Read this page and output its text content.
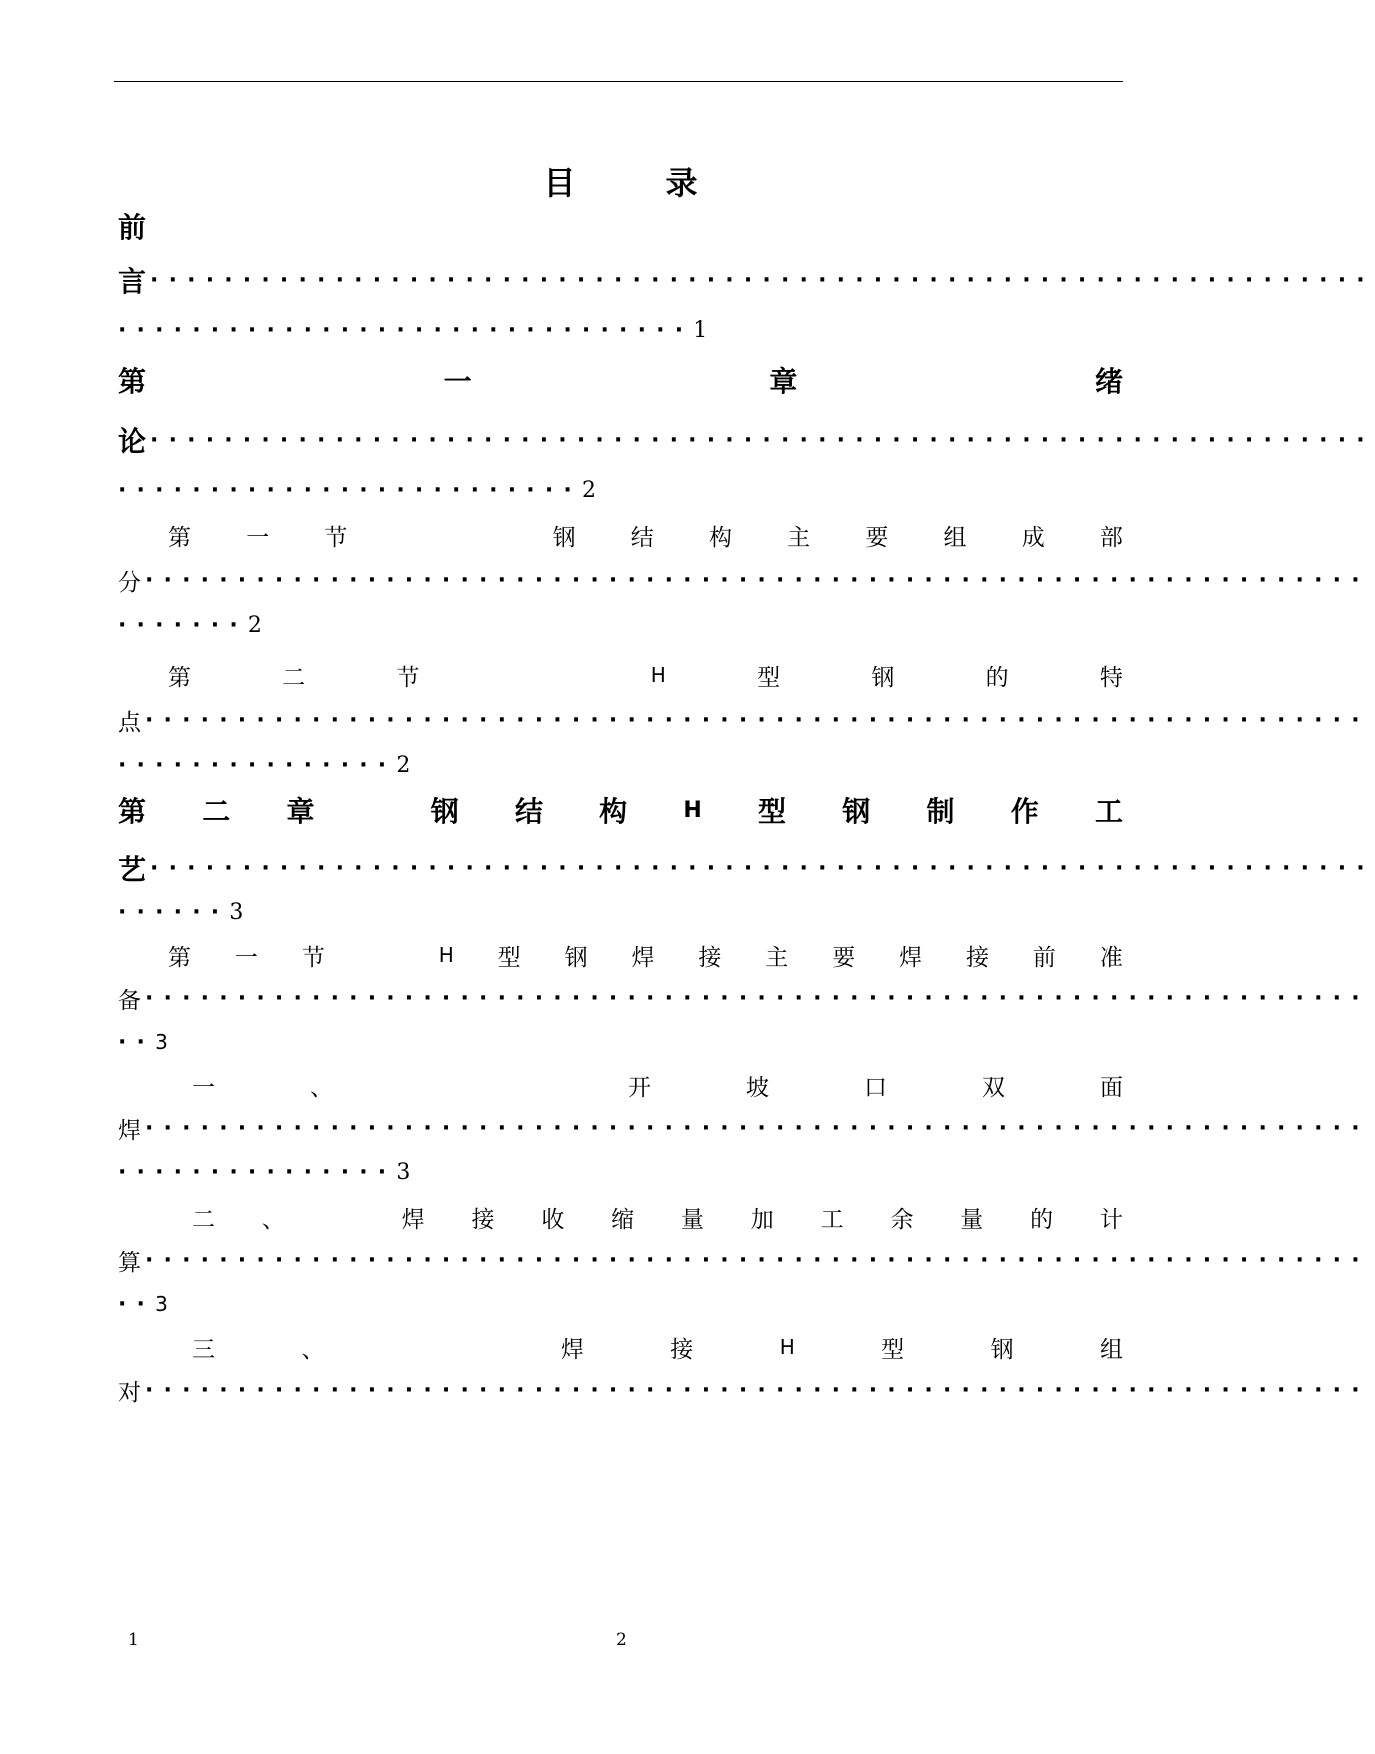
目	录
前
言 ··································································
······························· 1
第	一	章	绪
论 ··································································
························· 2
第 一 节	钢 结 构 主 要 组 成 部
分 ··································································
······· 2
第	二	节	H	型	钢	的	特
点 ··································································
··············· 2
第 二 章	钢 结 构	H 型 钢 制 作 工
艺 ··································································
······ 3
第 一 节	H 型 钢 焊 接 主 要 焊 接 前 准
备 ··································································
·· 3
一	、	开	坡	口	双	面
焊 ··································································
··············· 3
二 、	焊 接 收 缩 量 加 工 余 量 的 计
算 ··································································
·· 3
三	、	焊	接	H	型	钢	组
对 ··································································
1	2
